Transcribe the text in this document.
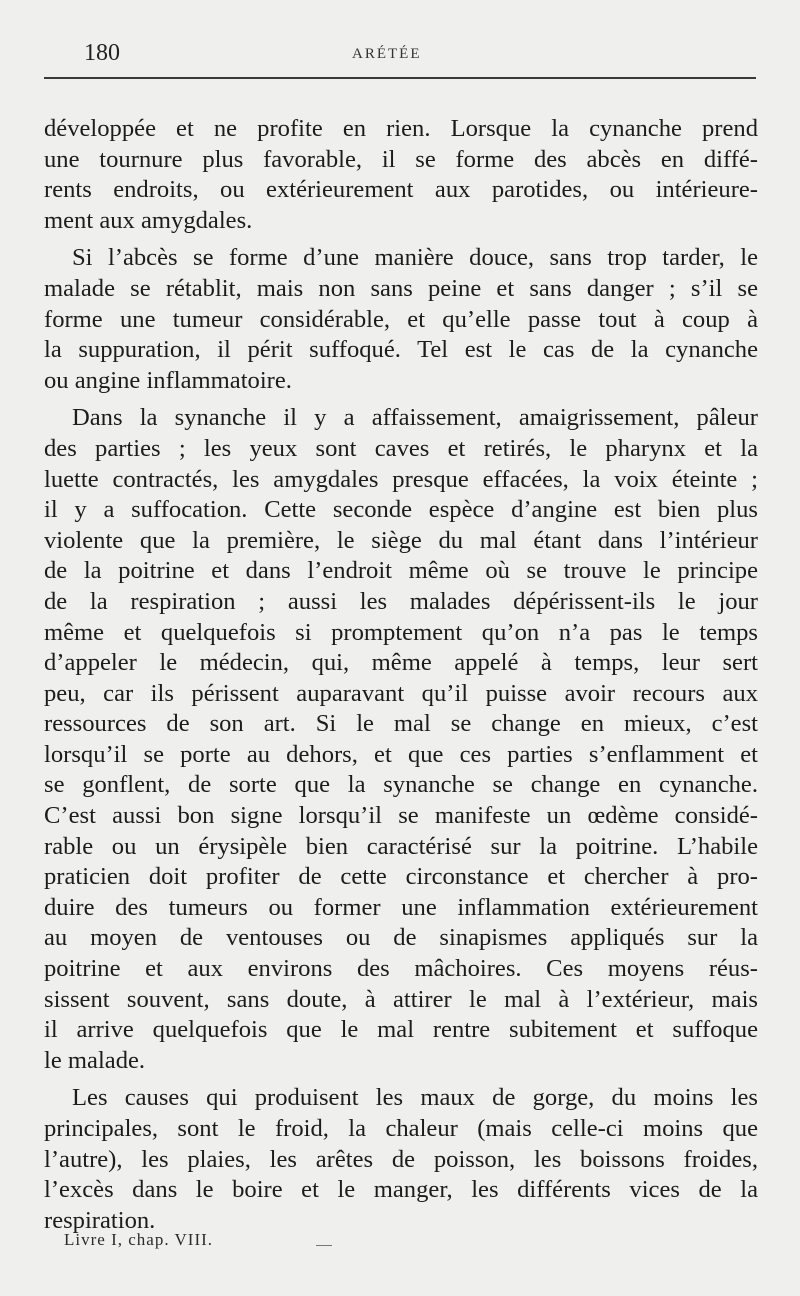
180	ARÉTÉE
développée et ne profite en rien. Lorsque la cynanche prend
une tournure plus favorable, il se forme des abcès en diffé-
rents endroits, ou extérieurement aux parotides, ou intérieure-
ment aux amygdales.
Si l’abcès se forme d’une manière douce, sans trop tarder, le
malade se rétablit, mais non sans peine et sans danger ; s’il se
forme une tumeur considérable, et qu’elle passe tout à coup à
la suppuration, il périt suffoqué. Tel est le cas de la cynanche
ou angine inflammatoire.
Dans la synanche il y a affaissement, amaigrissement, pâleur
des parties ; les yeux sont caves et retirés, le pharynx et la
luette contractés, les amygdales presque effacées, la voix éteinte ;
il y a suffocation. Cette seconde espèce d’angine est bien plus
violente que la première, le siège du mal étant dans l’intérieur
de la poitrine et dans l’endroit même où se trouve le principe
de la respiration ; aussi les malades dépérissent-ils le jour
même et quelquefois si promptement qu’on n’a pas le temps
d’appeler le médecin, qui, même appelé à temps, leur sert
peu, car ils périssent auparavant qu’il puisse avoir recours aux
ressources de son art. Si le mal se change en mieux, c’est
lorsqu’il se porte au dehors, et que ces parties s’enflamment et
se gonflent, de sorte que la synanche se change en cynanche.
C’est aussi bon signe lorsqu’il se manifeste un œdème considé-
rable ou un érysipèle bien caractérisé sur la poitrine. L’habile
praticien doit profiter de cette circonstance et chercher à pro-
duire des tumeurs ou former une inflammation extérieurement
au moyen de ventouses ou de sinapismes appliqués sur la
poitrine et aux environs des mâchoires. Ces moyens réus-
sissent souvent, sans doute, à attirer le mal à l’extérieur, mais
il arrive quelquefois que le mal rentre subitement et suffoque
le malade.
Les causes qui produisent les maux de gorge, du moins les
principales, sont le froid, la chaleur (mais celle-ci moins que
l’autre), les plaies, les arêtes de poisson, les boissons froides,
l’excès dans le boire et le manger, les différents vices de la
respiration.
Livre I, chap. VIII.
